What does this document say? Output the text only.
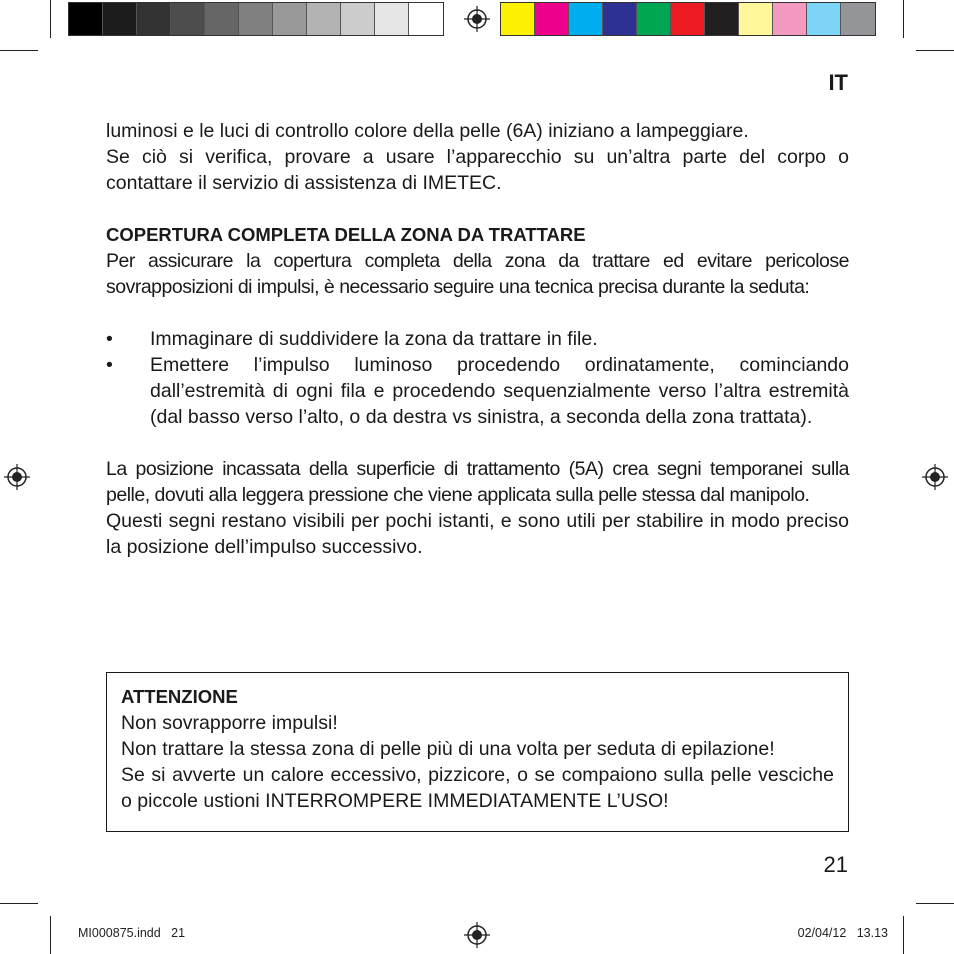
IT

luminosi e le luci di controllo colore della pelle (6A) iniziano a lampeggiare.

Se ciò si verifica, provare a usare l’apparecchio su un’altra parte del corpo o contattare il servizio di assistenza di IMETEC.

COPERTURA COMPLETA DELLA ZONA DA TRATTARE

Per assicurare la copertura completa della zona da trattare ed evitare pericolose sovrapposizioni di impulsi, è necessario seguire una tecnica precisa durante la seduta:

•	Immaginare di suddividere la zona da trattare in file.
•	Emettere l’impulso luminoso procedendo ordinatamente, cominciando dall’estremità di ogni fila e procedendo sequenzialmente verso l’altra estremità (dal basso verso l’alto, o da destra vs sinistra, a seconda della zona trattata).

La posizione incassata della superficie di trattamento (5A) crea segni temporanei sulla pelle, dovuti alla leggera pressione che viene applicata sulla pelle stessa dal manipolo.

Questi segni restano visibili per pochi istanti, e sono utili per stabilire in modo preciso la posizione dell’impulso successivo.

ATTENZIONE

Non sovrapporre impulsi!

Non trattare la stessa zona di pelle più di una volta per seduta di epilazione!

Se si avverte un calore eccessivo, pizzicore, o se compaiono sulla pelle vesciche o piccole ustioni INTERROMPERE IMMEDIATAMENTE L’USO!

21
MI000875.indd   21	02/04/12   13.13
